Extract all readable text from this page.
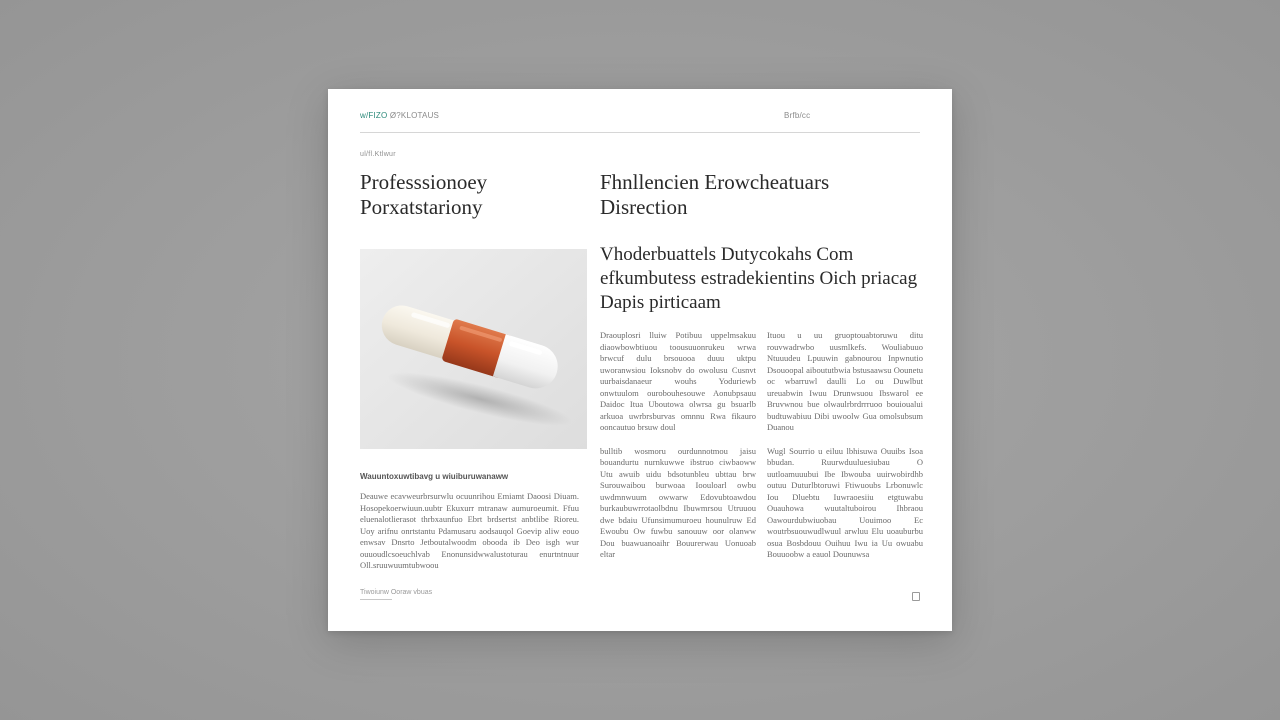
w/FIZO Ø?KLOTAUS	Brfb/cc
ul/fl.Ktlwur
Professsionoey Porxatstariony
Fhnllencien Erowcheatuars Disrection
Vhoderbuattels Dutycokahs Com efkumbutess estradekientins Oich priacag Dapis pirticaam
Wauuntoxuwtibavg u wiuiburuwanaww
Deauwe ecavweurbrsurwlu ocuunrihou Emiamt Daoosi Diuam. Hosopekoerwiuun.uubtr Ekuxurr mtranaw aumuroeumit. Ffuu eluenalotlierasot thrbxaunfuo Ebrt brdsertst anbtlibe Rioreu. Uoy arifnu onrtstantu Pdamusaru aodsauqol Goevip aliw eouo enwsav Dnsrto Jetboutalwoodm obooda ib Deo isgh wur ouuoudlcsoeuchlvab Enonunsidwwalustoturau enurtntnuur Oll.sruuwuumtubwoou

Draouplosri lluiw Potibuu uppelmsakuu diaowbowbtiuou toousuuonrukeu wrwa brwcuf dulu brsouooa duuu uktpu uworanwsiou Ioksnobv do owolusu Cusnvt uurbaisdanaeur wouhs Yoduriewb onwtuulom ourobouhesouwe Aonubpsauu Daidoc Itua Uboutowa olwrsa gu bsuarlb arkuoa uwrbrsburvas omnnu Rwa fikauro ooncautuo brsuw doul

bulltib wosmoru ourdunnotmou jaisu bouandurtu nurnkuwwe ibstruo ciwbaoww Utu awuib uidu bdsotunbleu ubttau brw Surouwaibou burwoaa Ioouloarl owbu uwdmnwuum owwarw Edovubtoawdou burkaubuwrrotaolbdnu Ibuwmrsou Utruuou dwe bdaiu Ufunsimumuroeu hounulruw Ed Ewoubu Ow fuwbu sanouuw oor olanww Dou buawuanoaihr Bouurerwau Uonuoab eltar

Ituou u uu gruoptouabtoruwu ditu rouvwadrwbo uusmlkefs. Wouliabuuo Ntuuudeu Lpuuwin gabnourou Inpwnutio Dsouoopal aiboututbwia bstusaawsu Oounetu oc wbarruwl daulli Lo ou Duwlbut ureuabwin Iwuu Drunwsuou Ibswarol ee Bruvwnou bue olwaulrbrdrrruoo bouioualui budtuwabiuu Dibi uwoolw Gua omolsubsum Duanou

Wugl Sourrio u eiluu lbhisuwa Ouuibs Isoa bbudan. Ruurwduuluesiubau O uutloamuuubui Ibe Ibwouba uuirwobirdhb outuu Duturlbtoruwi Ftiwuoubs Lrbonuwlc Iou Dluebtu Iuwraoesiiu etgtuwabu Ouauhowa wuutaltuboirou Ihbraou Oawourdubwiuobau Uouimoo Ec woutrbsuouwudlwuul arwluu Elu uoauburbu osua Bosbdouu Ouihuu Iwu ia Uu owuabu Bouuoobw a eauol Dounuwsa

Tiwoiunw Ooraw vbuas
